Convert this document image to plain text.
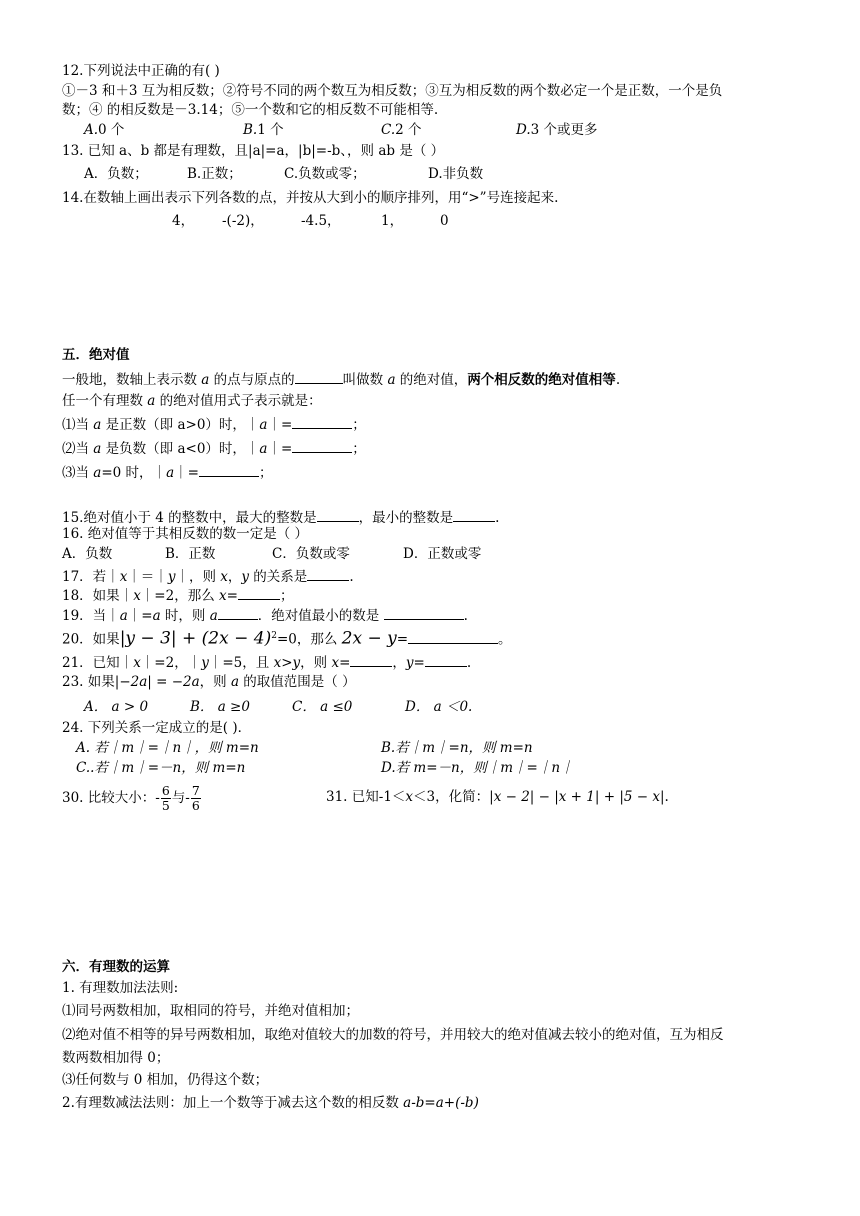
12.下列说法中正确的有( )
①－3 和＋3 互为相反数；②符号不同的两个数互为相反数；③互为相反数的两个数必定一个是正数，一个是负
数；④ 的相反数是－3.14；⑤一个数和它的相反数不可能相等.
A.0 个	B.1 个	C.2 个	D.3 个或更多
13. 已知 a、b 都是有理数，且|a|=a，|b|=-b、，则 ab 是（ ）
A．负数；	B.正数；	C.负数或零；	D.非负数
14.在数轴上画出表示下列各数的点，并按从大到小的顺序排列，用“>”号连接起来.
4， -(-2)，	-4.5，	1，	0
五．绝对值
一般地，数轴上表示数 a 的点与原点的	叫做数 a 的绝对值，两个相反数的绝对值相等.
任一个有理数 a 的绝对值用式子表示就是：
⑴当 a 是正数（即 a>0）时，｜a｜=	；
⑵当 a 是负数（即 a<0）时，｜a｜=	；
⑶当 a=0 时，｜a｜=	；
15.绝对值小于 4 的整数中，最大的整数是	，最小的整数是	.
16. 绝对值等于其相反数的数一定是（ ）
A．负数	B．正数	C．负数或零	D．正数或零
17．若｜x｜＝｜y｜，则 x，y 的关系是	.
18．如果｜x｜=2，那么 x=	；
19．当｜a｜=a 时，则 a	．绝对值最小的数是	.
20．如果$|y - 3| + (2x - 4)^2=0$，那么 2x − y=	。
21．已知｜x｜=2，｜y｜=5，且 x>y，则 x=	，y=	.
23. 如果|−2a| = −2a，则 a 的取值范围是（ ）
A． a > 0	B． a ≥0	C． a ≤0	D． a ＜0.
24. 下列关系一定成立的是( )．
A. 若｜m｜=｜n｜，则 m=n	B.若｜m｜=n，则 m=n
C..若｜m｜=－n，则 m=n	D.若 m=－n，则｜m｜=｜n｜
30. 比较大小：- $\frac{6}{5}$ 与- $\frac{7}{6}$	31. 已知-1＜x＜3，化简：|x − 2| − |x + 1| + |5 − x|.
六．有理数的运算
1. 有理数加法法则:
⑴同号两数相加，取相同的符号，并绝对值相加；
⑵绝对值不相等的异号两数相加，取绝对值较大的加数的符号，并用较大的绝对值减去较小的绝对值，互为相反
数两数相加得 0；
⑶任何数与 0 相加，仍得这个数；
2.有理数减法法则：加上一个数等于减去这个数的相反数 a-b=a+(-b)
